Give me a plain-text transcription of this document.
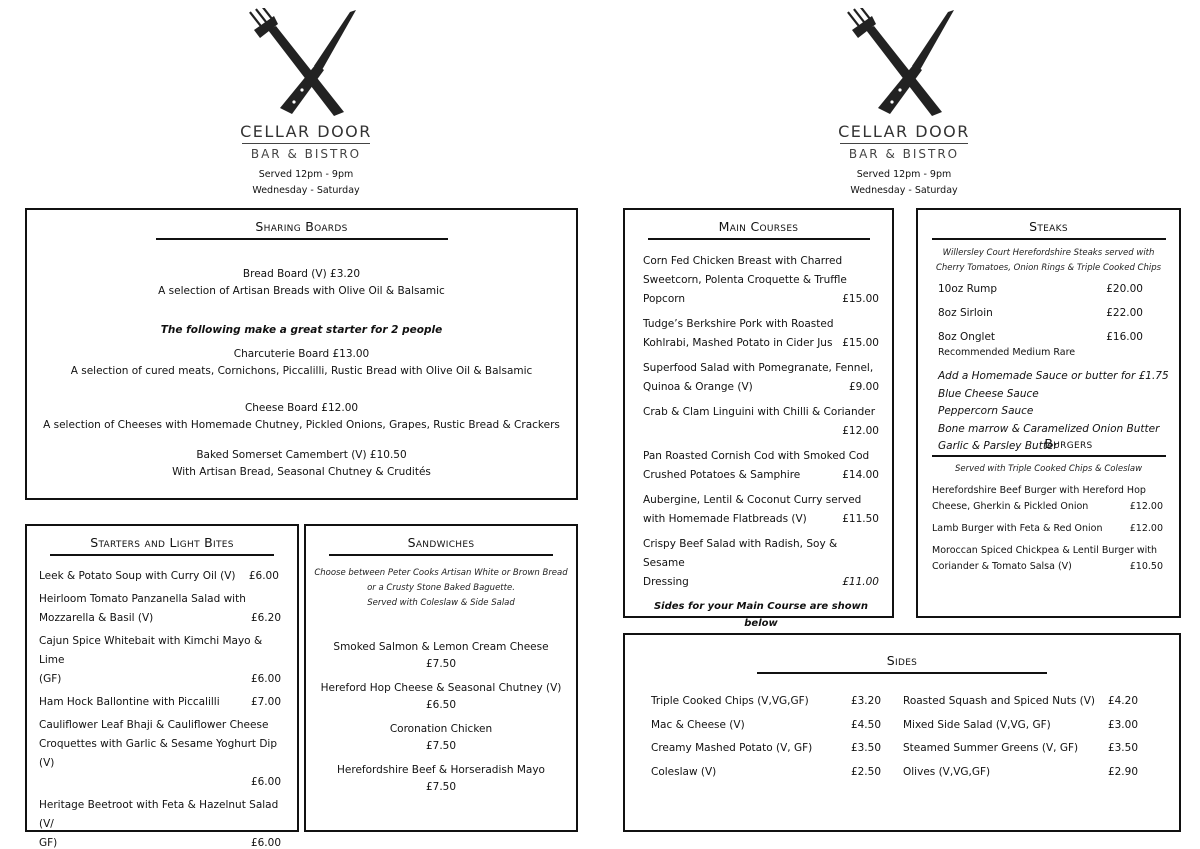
CELLAR DOOR
BAR & BISTRO
Served 12pm - 9pm
Wednesday - Saturday
CELLAR DOOR
BAR & BISTRO
Served 12pm - 9pm
Wednesday - Saturday
Sharing Boards
Bread Board (V) £3.20
A selection of Artisan Breads with Olive Oil & Balsamic
The following make a great starter for 2 people
Charcuterie Board £13.00
A selection of cured meats, Cornichons, Piccalilli, Rustic Bread with Olive Oil & Balsamic
Cheese Board £12.00
A selection of Cheeses with Homemade Chutney, Pickled Onions, Grapes, Rustic Bread & Crackers
Baked Somerset Camembert (V) £10.50
With Artisan Bread, Seasonal Chutney & Crudités
Starters and Light Bites
Leek & Potato Soup with Curry Oil (V) £6.00
Heirloom Tomato Panzanella Salad with
Mozzarella & Basil (V)	£6.20
Cajun Spice Whitebait with Kimchi Mayo & Lime
(GF)	£6.00
Ham Hock Ballontine with Piccalilli	£7.00
Cauliflower Leaf Bhaji & Cauliflower Cheese
Croquettes with Garlic & Sesame Yoghurt Dip (V)
£6.00
Heritage Beetroot with Feta & Hazelnut Salad (V/
GF)	£6.00
Sandwiches
Choose between Peter Cooks Artisan White or Brown Bread
or a Crusty Stone Baked Baguette.
Served with Coleslaw & Side Salad
Smoked Salmon & Lemon Cream Cheese
£7.50
Hereford Hop Cheese & Seasonal Chutney (V)
£6.50
Coronation Chicken
£7.50
Herefordshire Beef & Horseradish Mayo
£7.50
Main Courses
Corn Fed Chicken Breast with Charred
Sweetcorn, Polenta Croquette & Truffle
Popcorn	£15.00
Tudge’s Berkshire Pork with Roasted
Kohlrabi, Mashed Potato in Cider Jus £15.00
Superfood Salad with Pomegranate, Fennel,
Quinoa & Orange (V)	£9.00
Crab & Clam Linguini with Chilli & Coriander
£12.00
Pan Roasted Cornish Cod with Smoked Cod
Crushed Potatoes & Samphire	£14.00
Aubergine, Lentil & Coconut Curry served
with Homemade Flatbreads (V)	£11.50
Crispy Beef Salad with Radish, Soy & Sesame
Dressing	£11.00
Sides for your Main Course are shown below
Steaks
Willersley Court Herefordshire Steaks served with
Cherry Tomatoes, Onion Rings & Triple Cooked Chips
10oz Rump	£20.00
8oz Sirloin	£22.00
8oz Onglet	£16.00
Recommended Medium Rare
Add a Homemade Sauce or butter for £1.75
Blue Cheese Sauce
Peppercorn Sauce
Bone marrow & Caramelized Onion Butter
Garlic & Parsley Butter
Burgers
Served with Triple Cooked Chips & Coleslaw
Herefordshire Beef Burger with Hereford Hop
Cheese, Gherkin & Pickled Onion	£12.00
Lamb Burger with Feta & Red Onion	£12.00
Moroccan Spiced Chickpea & Lentil Burger with
Coriander & Tomato Salsa (V)	£10.50
Sides
Triple Cooked Chips (V,VG,GF)	£3.20
Mac & Cheese (V)	£4.50
Creamy Mashed Potato (V, GF)	£3.50
Coleslaw (V)	£2.50
Roasted Squash and Spiced Nuts (V) £4.20
Mixed Side Salad (V,VG, GF)	£3.00
Steamed Summer Greens (V, GF)	£3.50
Olives (V,VG,GF)	£2.90
